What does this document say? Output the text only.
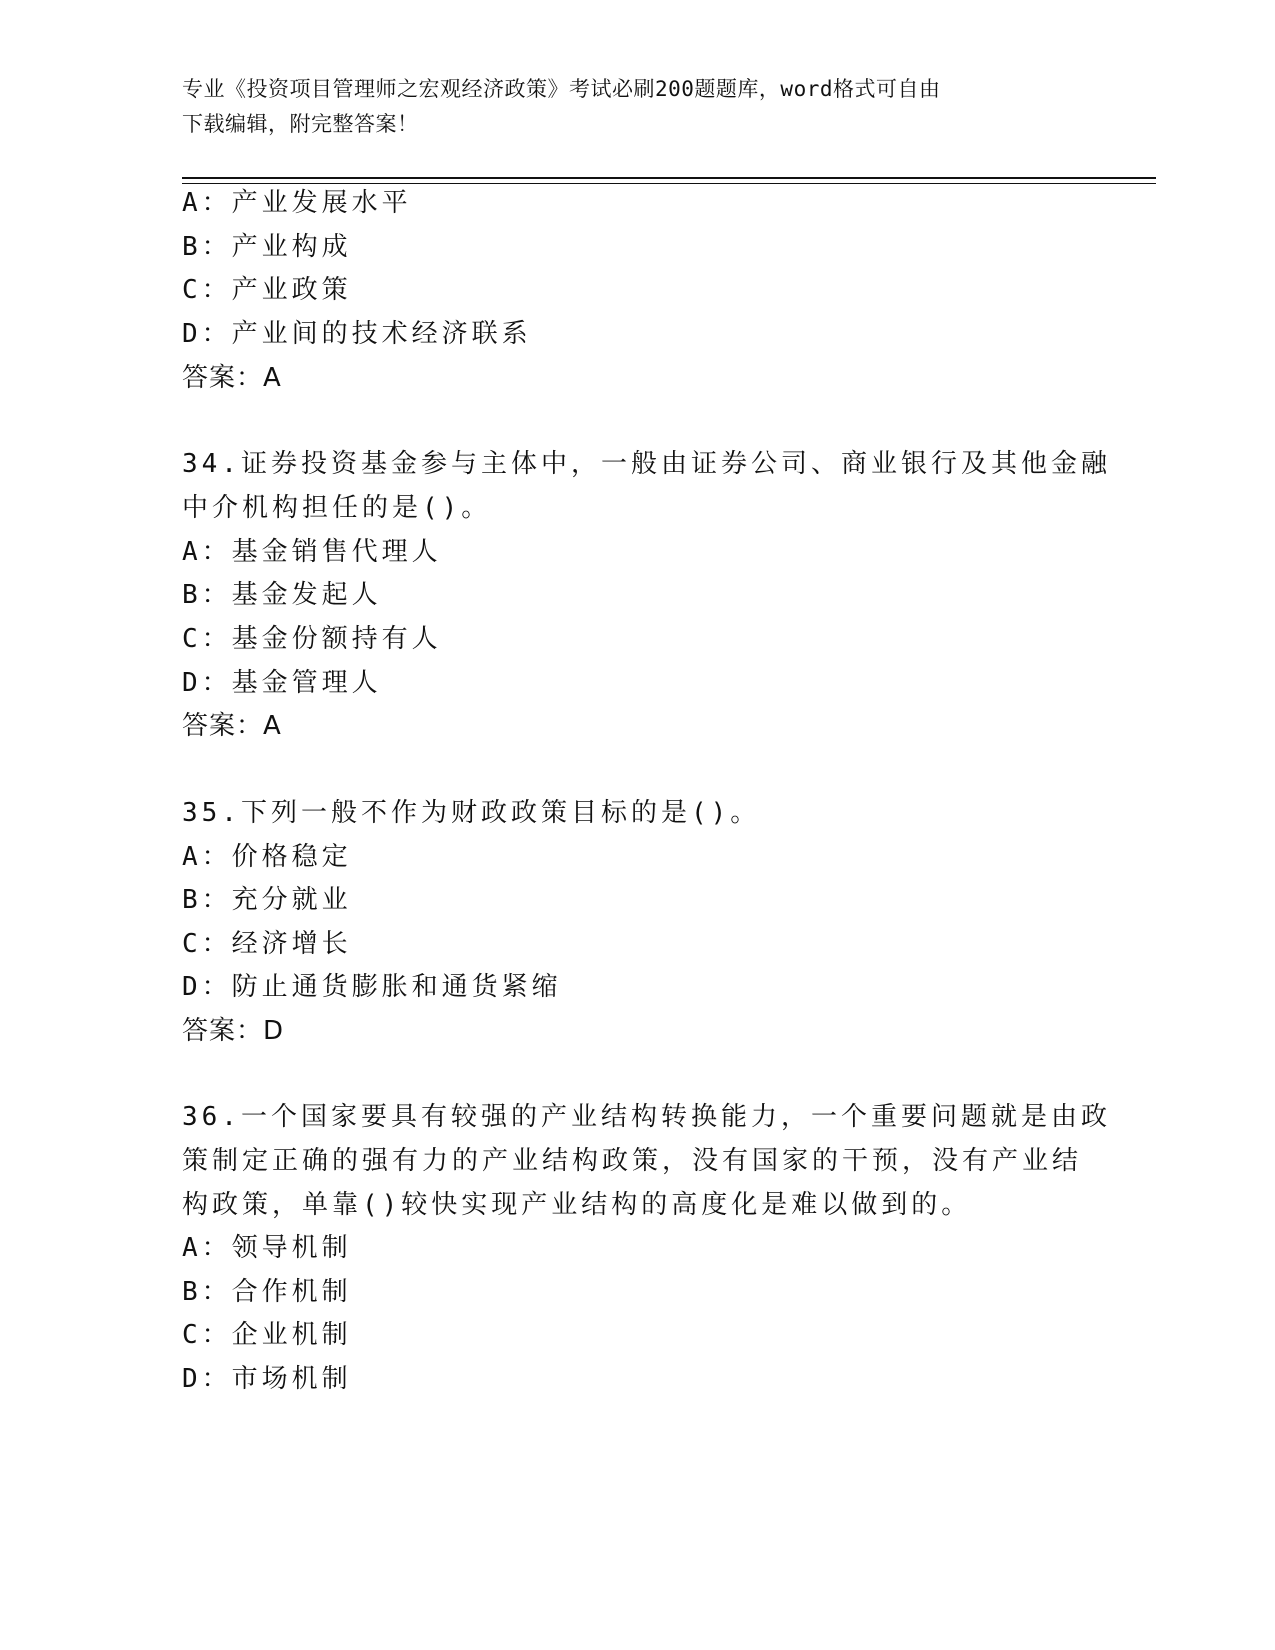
专业《投资项目管理师之宏观经济政策》考试必刷200题题库，word格式可自由
下载编辑，附完整答案！
A：产业发展水平
B：产业构成
C：产业政策
D：产业间的技术经济联系
答案：A
34.证券投资基金参与主体中，一般由证券公司、商业银行及其他金融
中介机构担任的是()。
A：基金销售代理人
B：基金发起人
C：基金份额持有人
D：基金管理人
答案：A
35.下列一般不作为财政政策目标的是()。
A：价格稳定
B：充分就业
C：经济增长
D：防止通货膨胀和通货紧缩
答案：D
36.一个国家要具有较强的产业结构转换能力，一个重要问题就是由政
策制定正确的强有力的产业结构政策，没有国家的干预，没有产业结
构政策，单靠()较快实现产业结构的高度化是难以做到的。
A：领导机制
B：合作机制
C：企业机制
D：市场机制
